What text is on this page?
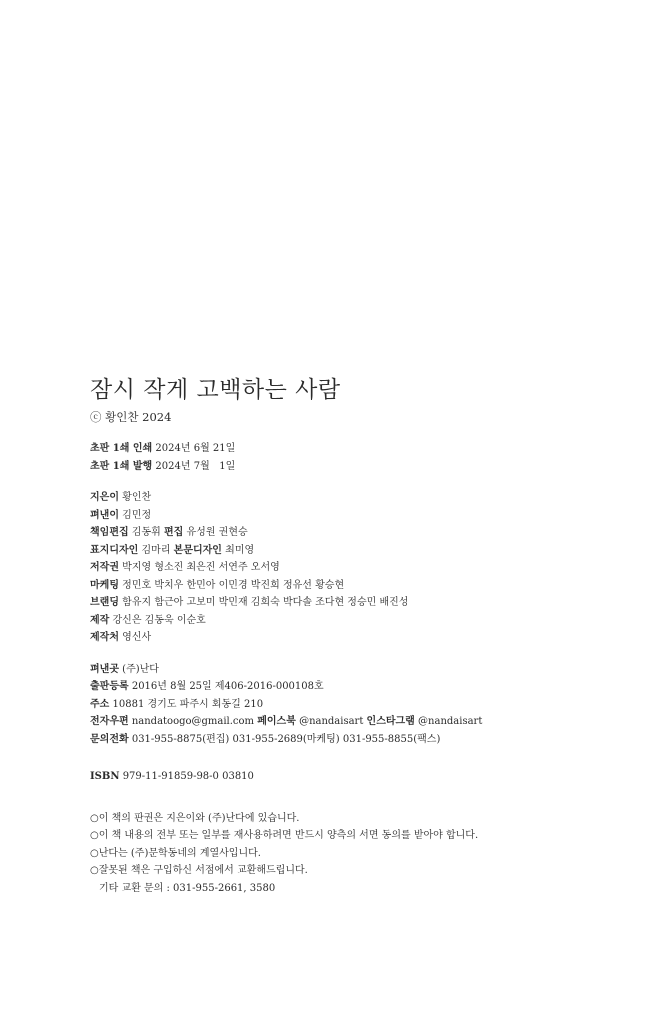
잠시 작게 고백하는 사람
ⓒ 황인찬 2024
초판 1쇄 인쇄 2024년 6월 21일
초판 1쇄 발행 2024년 7월   1일
지은이 황인찬
펴낸이 김민정
책임편집 김동휘 편집 유성원 권현승
표지디자인 김마리 본문디자인 최미영
저작권 박지영 형소진 최은진 서연주 오서영
마케팅 정민호 박치우 한민아 이민경 박진희 정유선 황승현
브랜딩 함유지 함근아 고보미 박민재 김희숙 박다솔 조다현 정승민 배진성
제작 강신은 김동욱 이순호
제작처 영신사
펴낸곳 (주)난다
출판등록 2016년 8월 25일 제406-2016-000108호
주소 10881 경기도 파주시 회동길 210
전자우편 nandatoogo@gmail.com 페이스북 @nandaisart 인스타그램 @nandaisart
문의전화 031-955-8875(편집) 031-955-2689(마케팅) 031-955-8855(팩스)
ISBN 979-11-91859-98-0 03810
○이 책의 판권은 지은이와 (주)난다에 있습니다.
○이 책 내용의 전부 또는 일부를 재사용하려면 반드시 양측의 서면 동의를 받아야 합니다.
○난다는 (주)문학동네의 계열사입니다.
○잘못된 책은 구입하신 서점에서 교환해드립니다.
기타 교환 문의 : 031-955-2661, 3580
